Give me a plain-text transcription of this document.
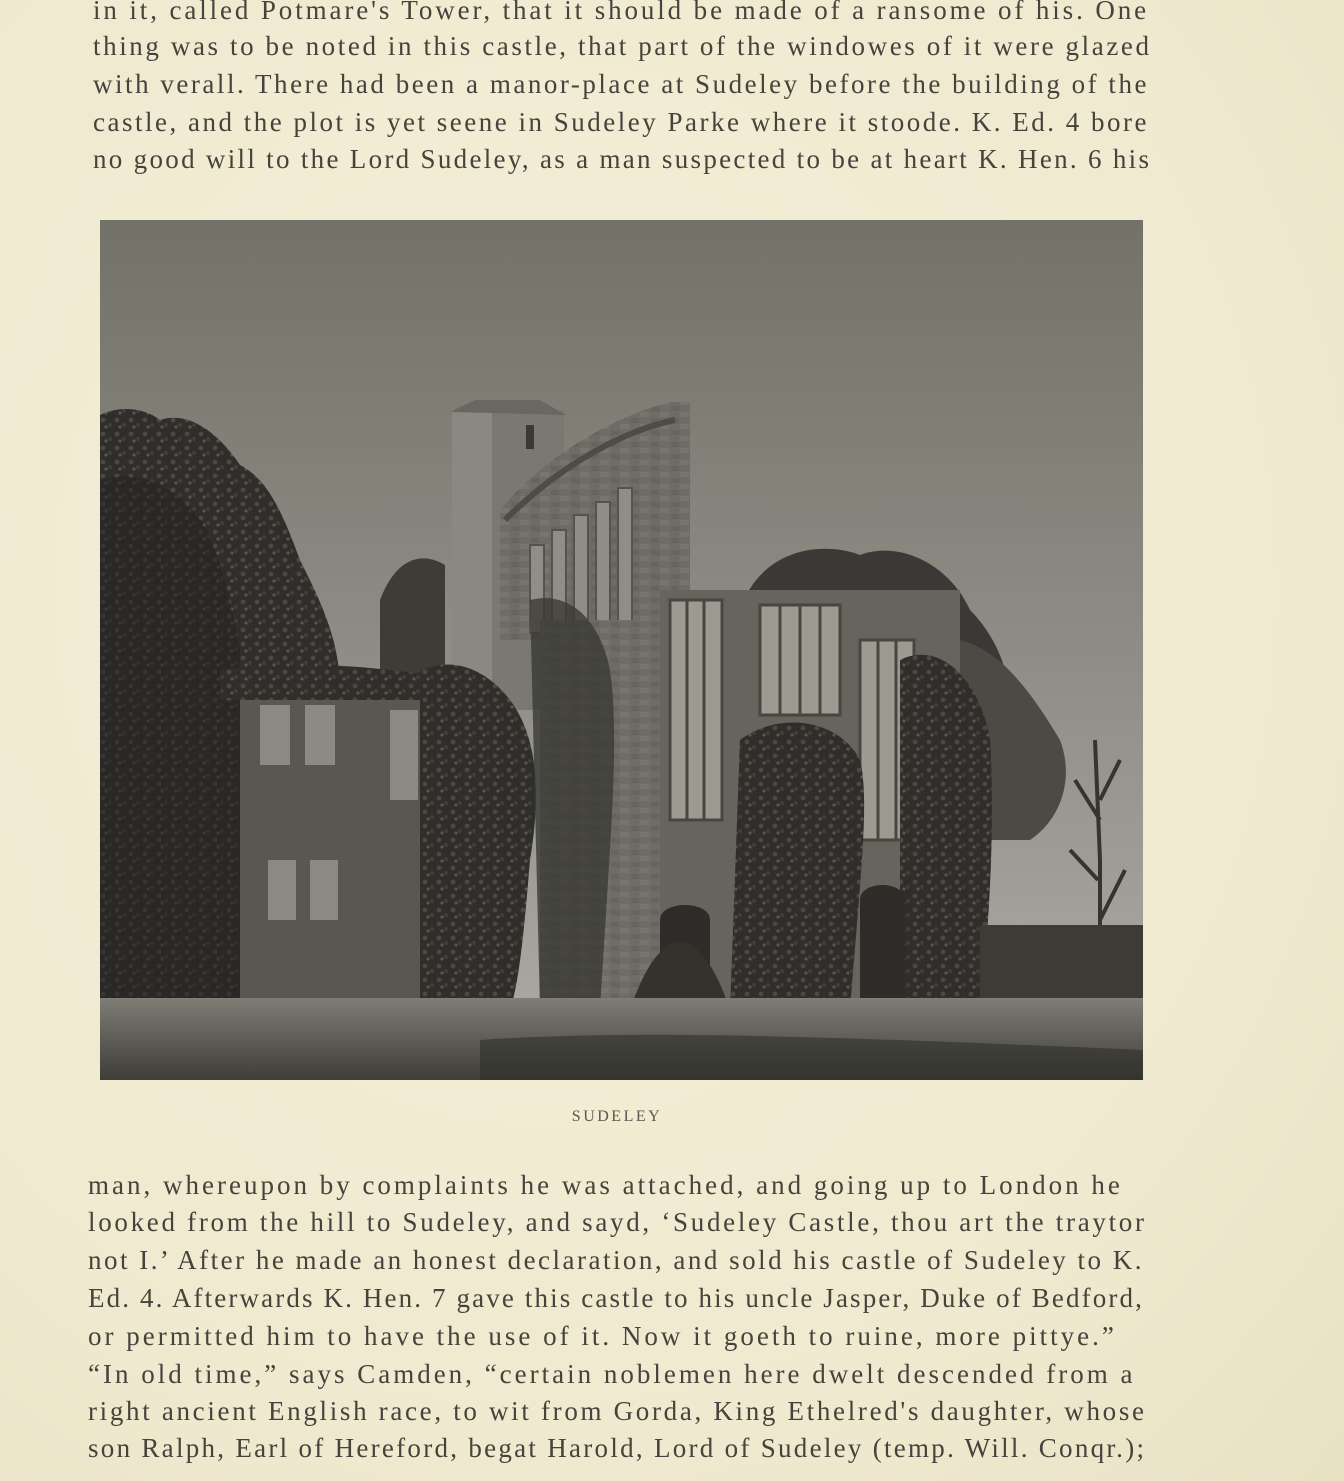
in it, called Potmare's Tower, that it should be made of a ransome of his. One
thing was to be noted in this castle, that part of the windowes of it were glazed
with verall. There had been a manor-place at Sudeley before the building of the
castle, and the plot is yet seene in Sudeley Parke where it stoode. K. Ed. 4 bore
no good will to the Lord Sudeley, as a man suspected to be at heart K. Hen. 6 his
SUDELEY
man, whereupon by complaints he was attached, and going up to London he
looked from the hill to Sudeley, and sayd, ‘Sudeley Castle, thou art the traytor
not I.’ After he made an honest declaration, and sold his castle of Sudeley to K.
Ed. 4. Afterwards K. Hen. 7 gave this castle to his uncle Jasper, Duke of Bedford,
or permitted him to have the use of it. Now it goeth to ruine, more pittye.”
“In old time,” says Camden, “certain noblemen here dwelt descended from a
right ancient English race, to wit from Gorda, King Ethelred's daughter, whose
son Ralph, Earl of Hereford, begat Harold, Lord of Sudeley (temp. Will. Conqr.);
